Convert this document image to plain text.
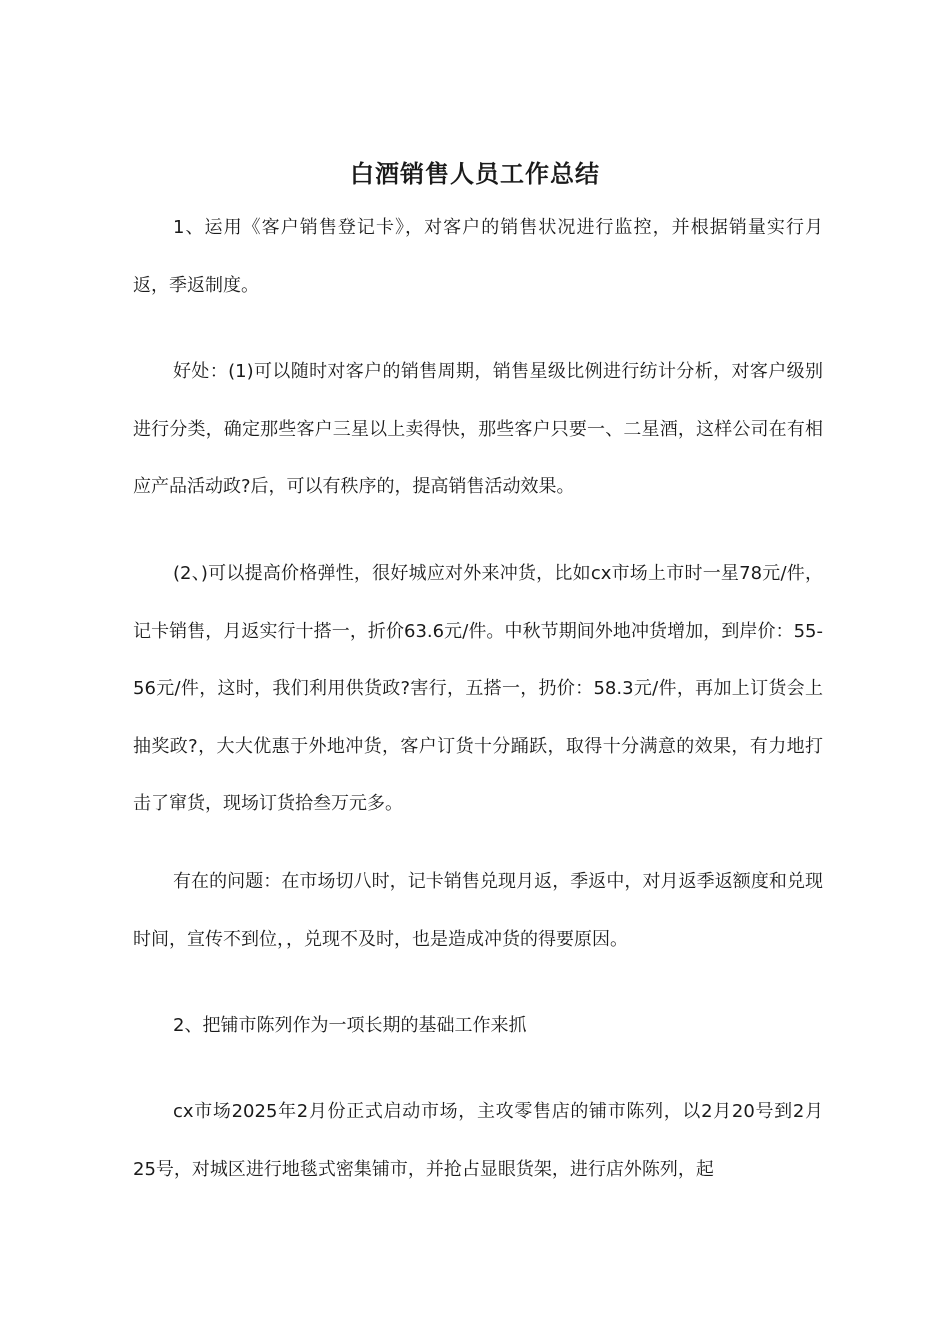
白酒销售人员工作总结

1、运用《客户销售登记卡》，对客户的销售状况进行监控，并根据销量实行月返，季返制度。

好处：(1)可以随时对客户的销售周期，销售星级比例进行纺计分析，对客户级别进行分类，确定那些客户三星以上卖得快，那些客户只要一、二星酒，这样公司在有相应产品活动政?后，可以有秩序的，提高销售活动效果。

(2、)可以提高价格弹性，很好城应对外来冲货，比如cx市场上市时一星78元/件，记卡销售，月返实行十搭一，折价63.6元/件。中秋节期间外地冲货增加，到岸价：55-56元/件，这时，我们利用供货政?害行，五搭一，扔价：58.3元/件，再加上订货会上抽奖政?，大大优惠于外地冲货，客户订货十分踊跃，取得十分满意的效果，有力地打击了窜货，现场订货拾叁万元多。

有在的问题：在市场切八时，记卡销售兑现月返，季返中，对月返季返额度和兑现时间，宣传不到位，，兑现不及时，也是造成冲货的得要原因。

2、把铺市陈列作为一项长期的基础工作来抓

cx市场2025年2月份正式启动市场，主攻零售店的铺市陈列，以2月20号到2月25号，对城区进行地毯式密集铺市，并抢占显眼货架，进行店外陈列，起
